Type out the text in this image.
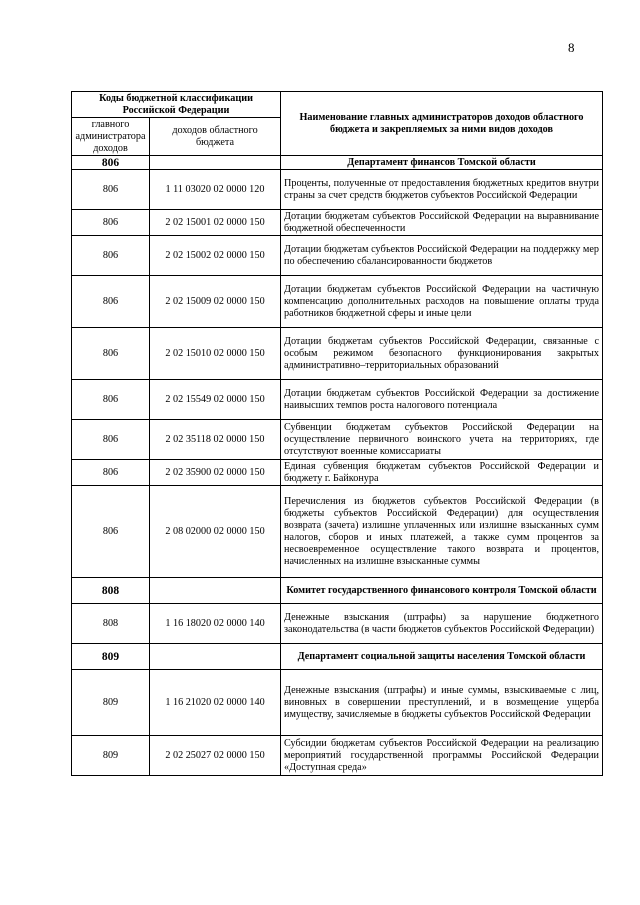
8
Коды бюджетной классификации Российской Федерации		Наименование главных администраторов доходов областного бюджета и закрепляемых за ними видов доходов
главного администратора доходов	доходов областного бюджета	
806		Департамент финансов Томской области
806	1 11 03020 02 0000 120	Проценты, полученные от предоставления бюджетных кредитов внутри страны за счет средств бюджетов субъектов Российской Федерации
806	2 02 15001 02 0000 150	Дотации бюджетам субъектов Российской Федерации на выравнивание бюджетной обеспеченности
806	2 02 15002 02 0000 150	Дотации бюджетам субъектов Российской Федерации на поддержку мер по обеспечению сбалансированности бюджетов
806	2 02 15009 02 0000 150	Дотации бюджетам субъектов Российской Федерации на частичную компенсацию дополнительных расходов на повышение оплаты труда работников бюджетной сферы и иные цели
806	2 02 15010 02 0000 150	Дотации бюджетам субъектов Российской Федерации, связанные с особым режимом безопасного функционирования закрытых административно–территориальных образований
806	2 02 15549 02 0000 150	Дотации бюджетам субъектов Российской Федерации за достижение наивысших темпов роста налогового потенциала
806	2 02 35118 02 0000 150	Субвенции бюджетам субъектов Российской Федерации на осуществление первичного воинского учета на территориях, где отсутствуют военные комиссариаты
806	2 02 35900 02 0000 150	Единая субвенция бюджетам субъектов Российской Федерации и бюджету г. Байконура
806	2 08 02000 02 0000 150	Перечисления из бюджетов субъектов Российской Федерации (в бюджеты субъектов Российской Федерации) для осуществления возврата (зачета) излишне уплаченных или излишне взысканных сумм налогов, сборов и иных платежей, а также сумм процентов за несвоевременное осуществление такого возврата и процентов, начисленных на излишне взысканные суммы
808		Комитет государственного финансового контроля Томской области
808	1 16 18020 02 0000 140	Денежные взыскания (штрафы) за нарушение бюджетного законодательства (в части бюджетов субъектов Российской Федерации)
809		Департамент социальной защиты населения Томской области
809	1 16 21020 02 0000 140	Денежные взыскания (штрафы) и иные суммы, взыскиваемые с лиц, виновных в совершении преступлений, и в возмещение ущерба имуществу, зачисляемые в бюджеты субъектов Российской Федерации
809	2 02 25027 02 0000 150	Субсидии бюджетам субъектов Российской Федерации на реализацию мероприятий государственной программы Российской Федерации «Доступная среда»
